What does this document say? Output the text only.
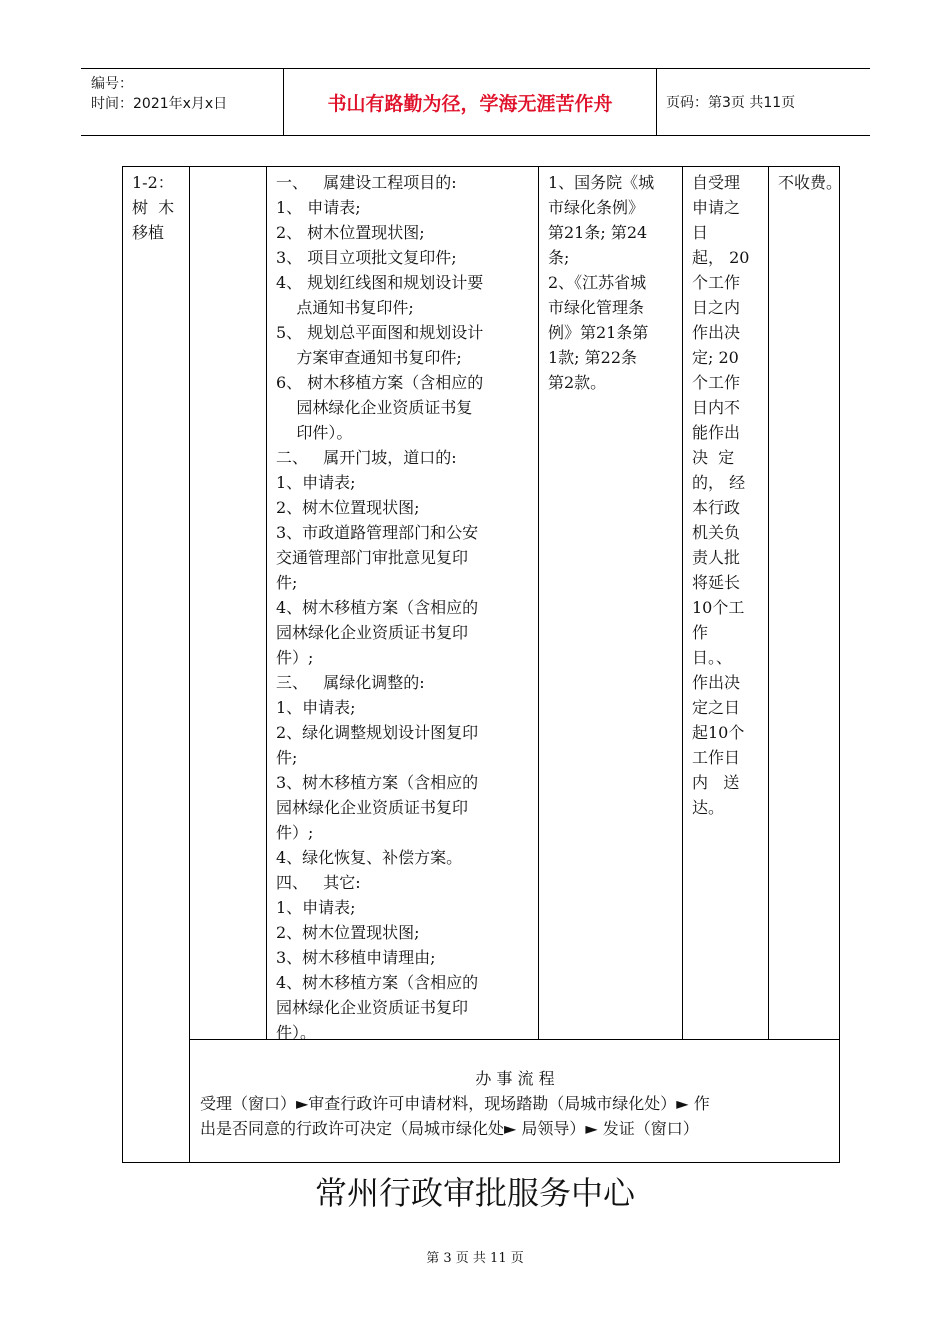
编号：
时间：2021年x月x日	书山有路勤为径，学海无涯苦作舟	页码：第3页 共11页
1-2：
树  木
移植
一、   属建设工程项目的:
1、 申请表;
2、 树木位置现状图;
3、 项目立项批文复印件;
4、 规划红线图和规划设计要
点通知书复印件;
5、 规划总平面图和规划设计
方案审查通知书复印件;
6、 树木移植方案（含相应的
园林绿化企业资质证书复
印件）。
二、   属开门坡，道口的:
1、申请表;
2、树木位置现状图;
3、市政道路管理部门和公安
交通管理部门审批意见复印
件;
4、树木移植方案（含相应的
园林绿化企业资质证书复印
件）;
三、   属绿化调整的:
1、申请表;
2、绿化调整规划设计图复印
件;
3、树木移植方案（含相应的
园林绿化企业资质证书复印
件）;
4、绿化恢复、补偿方案。
四、   其它:
1、申请表;
2、树木位置现状图;
3、树木移植申请理由;
4、树木移植方案（含相应的
园林绿化企业资质证书复印
件）。
1、国务院《城
市绿化条例》
第21条; 第24
条;
2、《江苏省城
市绿化管理条
例》第21条第
1款; 第22条
第2款。
自受理
申请之
日
起， 20
个工作
日之内
作出决
定; 20
个工作
日内不
能作出
决  定
的， 经
本行政
机关负
责人批
将延长
10个工
作
日。、
作出决
定之日
起10个
工作日
内   送
达。
不收费。
办 事 流 程
受理（窗口）►审查行政许可申请材料，现场踏勘（局城市绿化处）► 作
出是否同意的行政许可决定（局城市绿化处► 局领导）► 发证（窗口）
常州行政审批服务中心
第 3 页 共 11 页
